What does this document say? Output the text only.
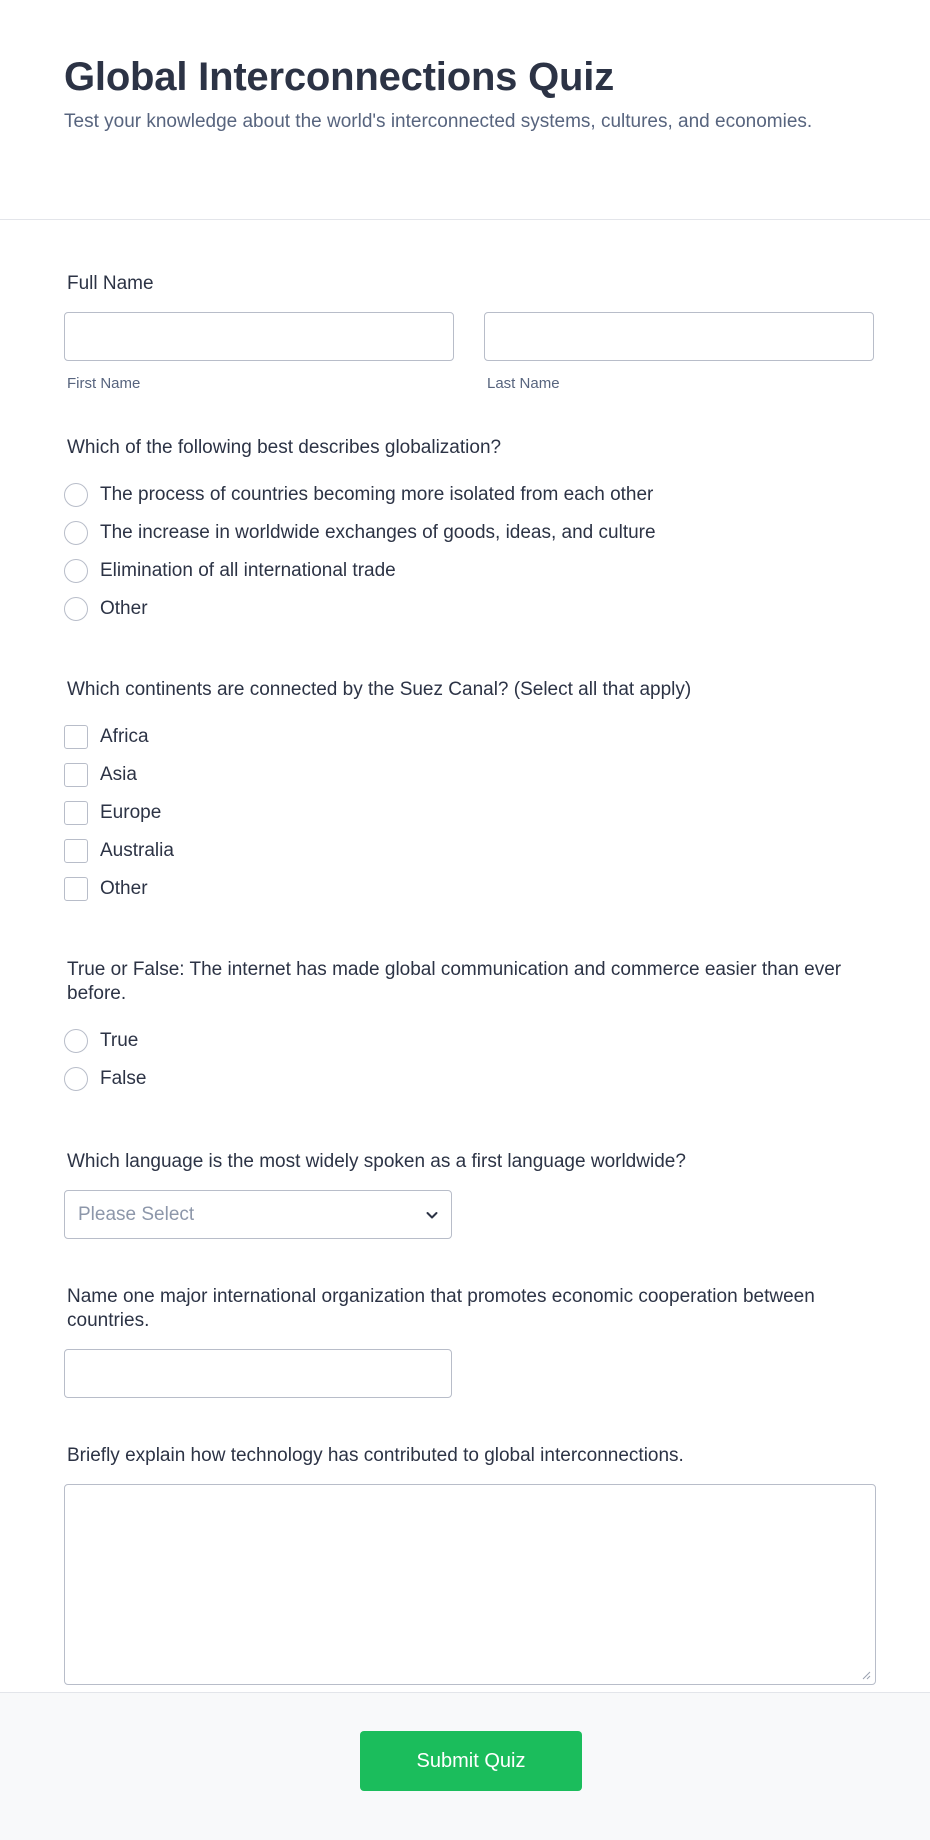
Global Interconnections Quiz
Test your knowledge about the world's interconnected systems, cultures, and economies.
Full Name
First Name	Last Name
Which of the following best describes globalization?
The process of countries becoming more isolated from each other
The increase in worldwide exchanges of goods, ideas, and culture
Elimination of all international trade
Other
Which continents are connected by the Suez Canal? (Select all that apply)
Africa
Asia
Europe
Australia
Other
True or False: The internet has made global communication and commerce easier than ever before.
True
False
Which language is the most widely spoken as a first language worldwide?
Please Select
Name one major international organization that promotes economic cooperation between countries.
Briefly explain how technology has contributed to global interconnections.
Submit Quiz
